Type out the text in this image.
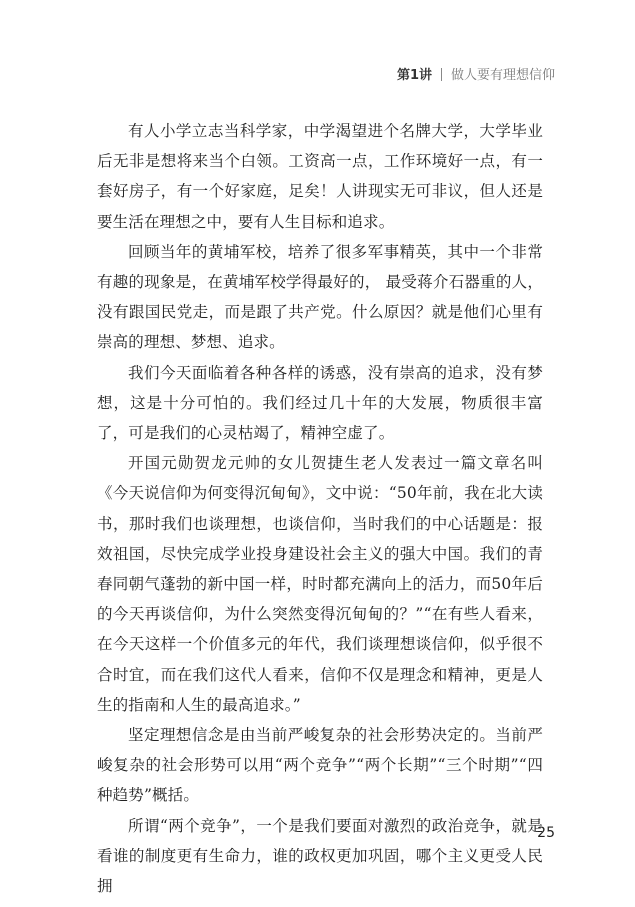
第1讲 做人要有理想信仰

有人小学立志当科学家，中学渴望进个名牌大学，大学毕业后无非是想将来当个白领。工资高一点，工作环境好一点，有一套好房子，有一个好家庭，足矣！人讲现实无可非议，但人还是要生活在理想之中，要有人生目标和追求。

回顾当年的黄埔军校，培养了很多军事精英，其中一个非常有趣的现象是，在黄埔军校学得最好的， 最受蒋介石器重的人，没有跟国民党走，而是跟了共产党。什么原因？就是他们心里有崇高的理想、梦想、追求。

我们今天面临着各种各样的诱惑，没有崇高的追求，没有梦想，这是十分可怕的。我们经过几十年的大发展，物质很丰富了，可是我们的心灵枯竭了，精神空虚了。

开国元勋贺龙元帅的女儿贺捷生老人发表过一篇文章名叫《今天说信仰为何变得沉甸甸》，文中说：“50年前，我在北大读书，那时我们也谈理想，也谈信仰，当时我们的中心话题是：报效祖国，尽快完成学业投身建设社会主义的强大中国。我们的青春同朝气蓬勃的新中国一样，时时都充满向上的活力，而50年后的今天再谈信仰，为什么突然变得沉甸甸的？”“在有些人看来，在今天这样一个价值多元的年代，我们谈理想谈信仰，似乎很不合时宜，而在我们这代人看来，信仰不仅是理念和精神，更是人生的指南和人生的最高追求。”

坚定理想信念是由当前严峻复杂的社会形势决定的。当前严峻复杂的社会形势可以用“两个竞争”“两个长期”“三个时期”“四种趋势”概括。

所谓“两个竞争”，一个是我们要面对激烈的政治竞争，就是看谁的制度更有生命力，谁的政权更加巩固，哪个主义更受人民拥

25
